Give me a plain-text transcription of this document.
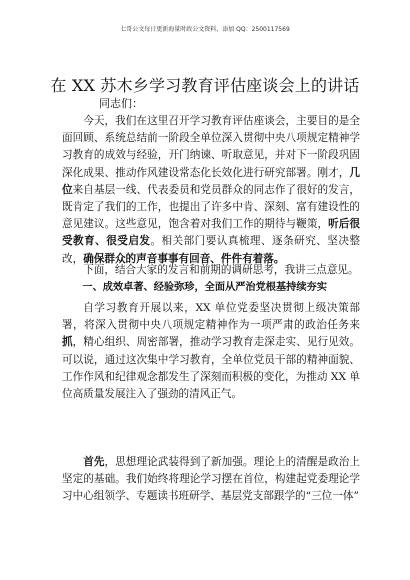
七哥公文每日更新海量时政公文资料，添加 QQ：2500117569
在 XX 苏木乡学习教育评估座谈会上的讲话
同志们：

今天，我们在这里召开学习教育评估座谈会，主要目的是全面回顾、系统总结前一阶段全单位深入贯彻中央八项规定精神学习教育的成效与经验，开门纳谏、听取意见，并对下一阶段巩固深化成果、推动作风建设常态化长效化进行研究部署。刚才，几位来自基层一线、代表委员和党员群众的同志作了很好的发言，既肯定了我们的工作，也提出了许多中肯、深刻、富有建设性的意见建议。这些意见，饱含着对我们工作的期待与鞭策，听后很受教育、很受启发。相关部门要认真梳理、逐条研究、坚决整改，确保群众的声音事事有回音、件件有着落。

下面，结合大家的发言和前期的调研思考，我讲三点意见。

一、成效卓著、经验弥珍，全面从严治党根基持续夯实

自学习教育开展以来，XX 单位党委坚决贯彻上级决策部署，将深入贯彻中央八项规定精神作为一项严肃的政治任务来抓，精心组织、周密部署，推动学习教育走深走实、见行见效。可以说，通过这次集中学习教育，全单位党员干部的精神面貌、工作作风和纪律观念都发生了深刻而积极的变化，为推动 XX 单位高质量发展注入了强劲的清风正气。

首先，思想理论武装得到了新加强。理论上的清醒是政治上坚定的基础。我们始终将理论学习摆在首位，构建起党委理论学习中心组领学、专题读书班研学、基层党支部跟学的“三位一体”
